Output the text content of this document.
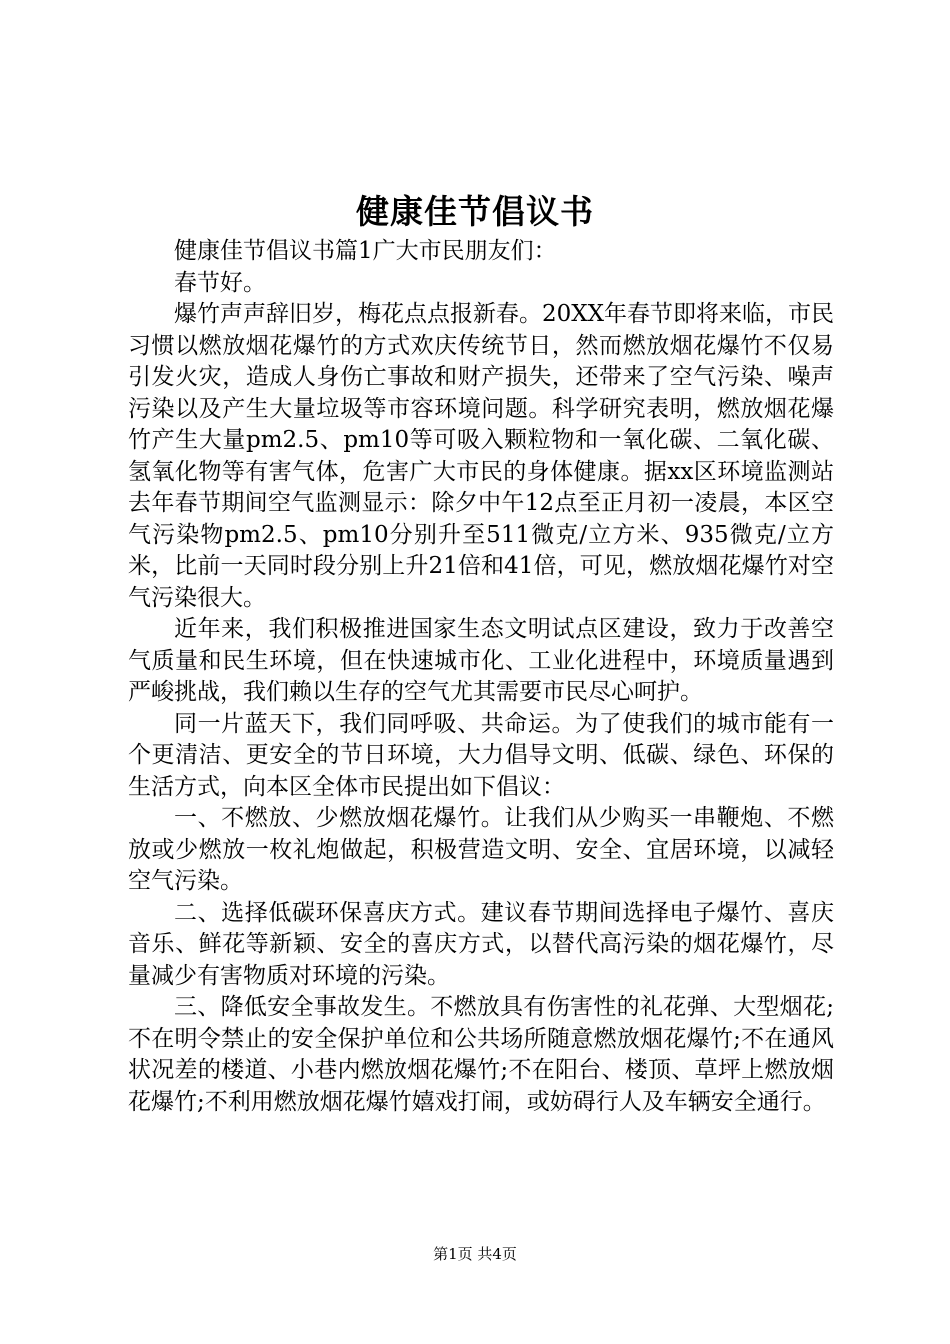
健康佳节倡议书

健康佳节倡议书篇1广大市民朋友们：

春节好。

爆竹声声辞旧岁，梅花点点报新春。20XX年春节即将来临，市民习惯以燃放烟花爆竹的方式欢庆传统节日，然而燃放烟花爆竹不仅易引发火灾，造成人身伤亡事故和财产损失，还带来了空气污染、噪声污染以及产生大量垃圾等市容环境问题。科学研究表明，燃放烟花爆竹产生大量pm2.5、pm10等可吸入颗粒物和一氧化碳、二氧化碳、氢氧化物等有害气体，危害广大市民的身体健康。据xx区环境监测站去年春节期间空气监测显示：除夕中午12点至正月初一凌晨，本区空气污染物pm2.5、pm10分别升至511微克/立方米、935微克/立方米，比前一天同时段分别上升21倍和41倍，可见，燃放烟花爆竹对空气污染很大。

近年来，我们积极推进国家生态文明试点区建设，致力于改善空气质量和民生环境，但在快速城市化、工业化进程中，环境质量遇到严峻挑战，我们赖以生存的空气尤其需要市民尽心呵护。

同一片蓝天下，我们同呼吸、共命运。为了使我们的城市能有一个更清洁、更安全的节日环境，大力倡导文明、低碳、绿色、环保的生活方式，向本区全体市民提出如下倡议：

一、不燃放、少燃放烟花爆竹。让我们从少购买一串鞭炮、不燃放或少燃放一枚礼炮做起，积极营造文明、安全、宜居环境，以减轻空气污染。

二、选择低碳环保喜庆方式。建议春节期间选择电子爆竹、喜庆音乐、鲜花等新颖、安全的喜庆方式，以替代高污染的烟花爆竹，尽量减少有害物质对环境的污染。

三、降低安全事故发生。不燃放具有伤害性的礼花弹、大型烟花;不在明令禁止的安全保护单位和公共场所随意燃放烟花爆竹;不在通风状况差的楼道、小巷内燃放烟花爆竹;不在阳台、楼顶、草坪上燃放烟花爆竹;不利用燃放烟花爆竹嬉戏打闹，或妨碍行人及车辆安全通行。

第1页 共4页
